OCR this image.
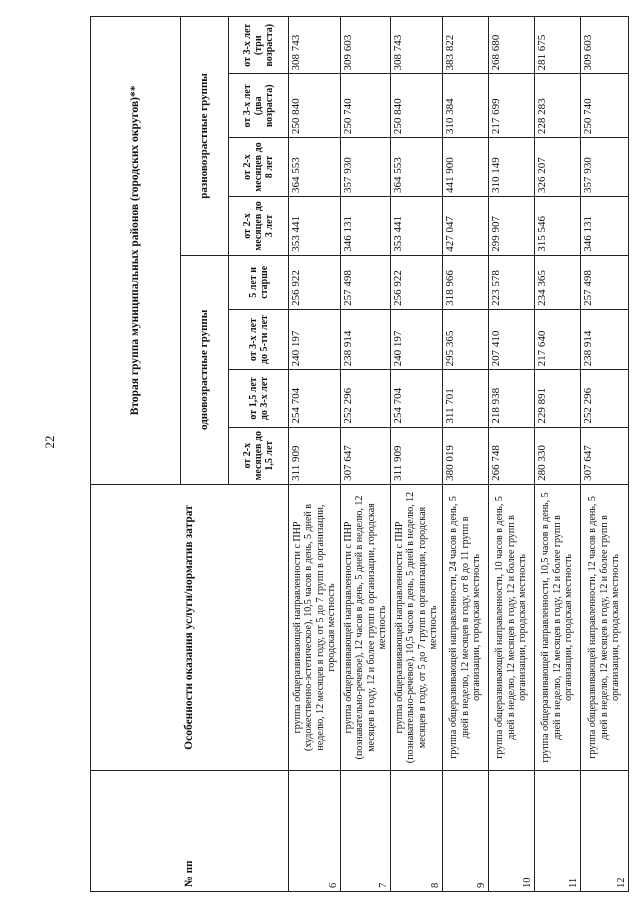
22
№ пп	Особенности оказания услуги/норматив затрат	Вторая группа муниципальных районов (городских округов)**							
		одновозрастные группы				разновозрастные группы			
		от 2-х месяцев до 1,5 лет	от 1,5 лет до 3-х лет	от 3-х лет до 5-ти лет	5 лет и старше	от 2-х месяцев до 3 лет	от 2-х месяцев до 8 лет	от 3-х лет (два возраста)	от 3-х лет (три возраста)
6	группа общеразвивающей направленности с ПНР (художественно-эстетическое), 10,5 часов в день, 5 дней в неделю, 12 месяцев в году, от 5 до 7 групп в организации, городская местность	311 909	254 704	240 197	256 922	353 441	364 553	250 840	308 743
7	группа общеразвивающей направленности с ПНР (познавательно-речевое), 12 часов в день, 5 дней в неделю, 12 месяцев в году, 12 и более групп в организации, городская местность	307 647	252 296	238 914	257 498	346 131	357 930	250 740	309 603
8	группа общеразвивающей направленности с ПНР (познавательно-речевое), 10,5 часов в день, 5 дней в неделю, 12 месяцев в году, от 5 до 7 групп в организации, городская местность	311 909	254 704	240 197	256 922	353 441	364 553	250 840	308 743
9	группа общеразвивающей направленности, 24 часов в день, 5 дней в неделю, 12 месяцев в году, от 8 до 11 групп в организации, городская местность	380 019	311 701	295 365	318 966	427 047	441 900	310 384	383 822
10	группа общеразвивающей направленности, 10 часов в день, 5 дней в неделю, 12 месяцев в году, 12 и более групп в организации, городская местность	266 748	218 938	207 410	223 578	299 907	310 149	217 699	268 680
11	группа общеразвивающей направленности, 10,5 часов в день, 5 дней в неделю, 12 месяцев в году, 12 и более групп в организации, городская местность	280 330	229 891	217 640	234 365	315 546	326 207	228 283	281 675
12	группа общеразвивающей направленности, 12 часов в день, 5 дней в неделю, 12 месяцев в году, 12 и более групп в организации, городская местность	307 647	252 296	238 914	257 498	346 131	357 930	250 740	309 603
